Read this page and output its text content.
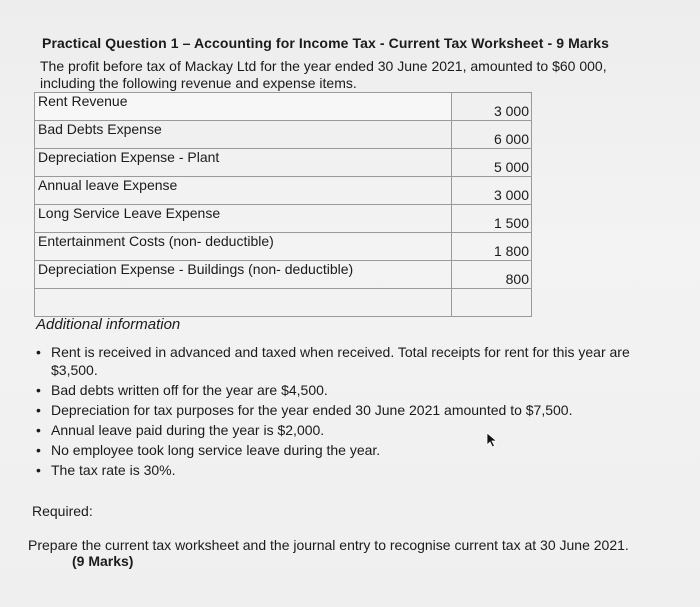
Practical Question 1 – Accounting for Income Tax - Current Tax Worksheet - 9 Marks
The profit before tax of Mackay Ltd for the year ended 30 June 2021, amounted to $60 000, including the following revenue and expense items.
Rent Revenue	3 000
Bad Debts Expense	6 000
Depreciation Expense - Plant	5 000
Annual leave Expense	3 000
Long Service Leave Expense	1 500
Entertainment Costs (non- deductible)	1 800
Depreciation Expense - Buildings (non- deductible)	800

Additional information
• Rent is received in advanced and taxed when received. Total receipts for rent for this year are $3,500.
• Bad debts written off for the year are $4,500.
• Depreciation for tax purposes for the year ended 30 June 2021 amounted to $7,500.
• Annual leave paid during the year is $2,000.
• No employee took long service leave during the year.
• The tax rate is 30%.
Required:
Prepare the current tax worksheet and the journal entry to recognise current tax at 30 June 2021.
(9 Marks)
